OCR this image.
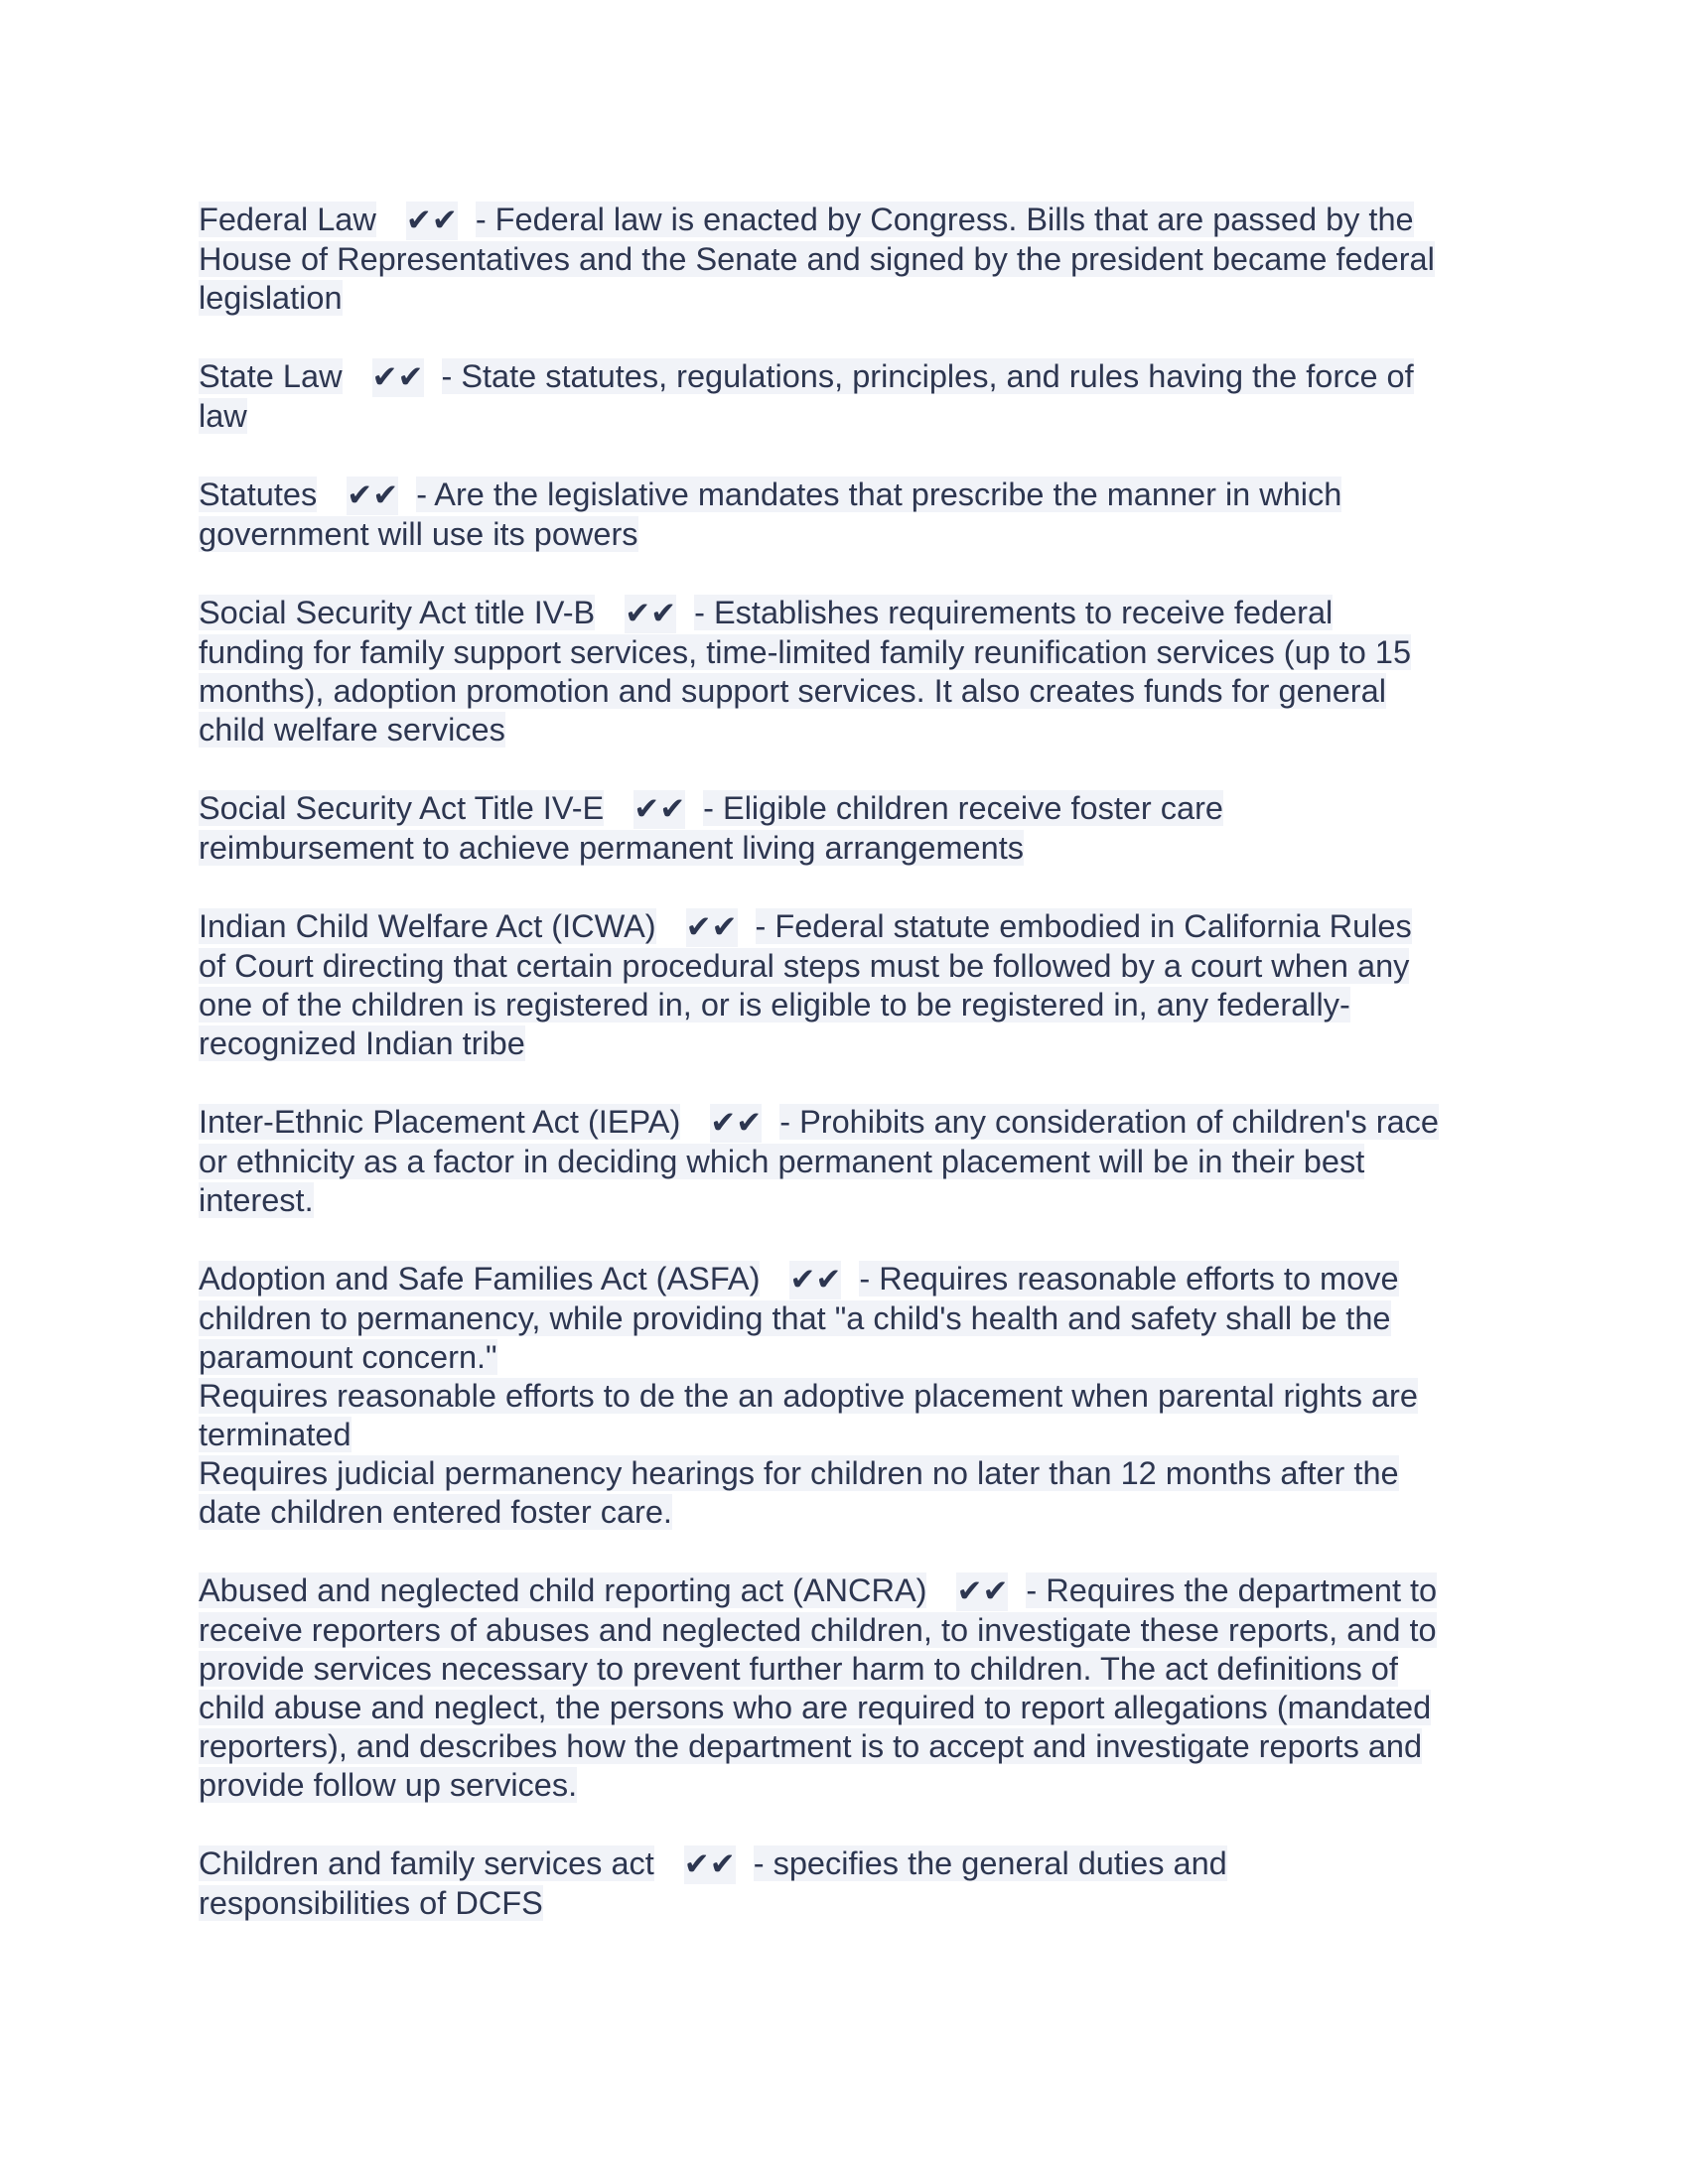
Federal Law ✔✔ - Federal law is enacted by Congress. Bills that are passed by the
House of Representatives and the Senate and signed by the president became federal
legislation
State Law ✔✔ - State statutes, regulations, principles, and rules having the force of
law
Statutes ✔✔ - Are the legislative mandates that prescribe the manner in which
government will use its powers
Social Security Act title IV-B ✔✔ - Establishes requirements to receive federal
funding for family support services, time-limited family reunification services (up to 15
months), adoption promotion and support services. It also creates funds for general
child welfare services
Social Security Act Title IV-E ✔✔ - Eligible children receive foster care
reimbursement to achieve permanent living arrangements
Indian Child Welfare Act (ICWA) ✔✔ - Federal statute embodied in California Rules
of Court directing that certain procedural steps must be followed by a court when any
one of the children is registered in, or is eligible to be registered in, any federally-
recognized Indian tribe
Inter-Ethnic Placement Act (IEPA) ✔✔ - Prohibits any consideration of children's race
or ethnicity as a factor in deciding which permanent placement will be in their best
interest.
Adoption and Safe Families Act (ASFA) ✔✔ - Requires reasonable efforts to move
children to permanency, while providing that "a child's health and safety shall be the
paramount concern."
Requires reasonable efforts to de the an adoptive placement when parental rights are
terminated
Requires judicial permanency hearings for children no later than 12 months after the
date children entered foster care.
Abused and neglected child reporting act (ANCRA) ✔✔ - Requires the department to
receive reporters of abuses and neglected children, to investigate these reports, and to
provide services necessary to prevent further harm to children. The act definitions of
child abuse and neglect, the persons who are required to report allegations (mandated
reporters), and describes how the department is to accept and investigate reports and
provide follow up services.
Children and family services act ✔✔ - specifies the general duties and
responsibilities of DCFS
